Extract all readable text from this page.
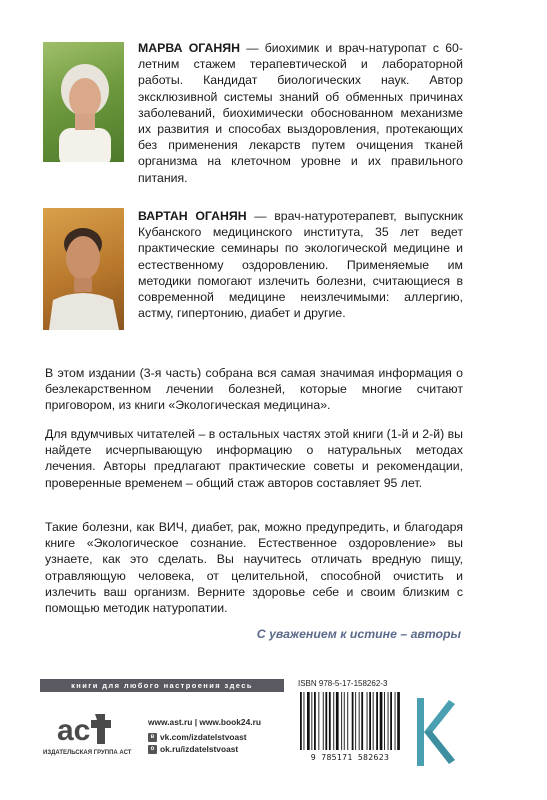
МАРВА ОГАНЯН — биохимик и врач-натуропат с 60-летним стажем терапевтической и лабораторной работы. Кандидат биологических наук. Автор эксклюзивной системы знаний об обменных причинах заболеваний, биохимически обоснованном механизме их развития и способах выздоровления, протекающих без применения лекарств путем очищения тканей организма на клеточном уровне и их правильного питания.

ВАРТАН ОГАНЯН — врач-натуротерапевт, выпускник Кубанского медицинского института, 35 лет ведет практические семинары по экологической медицине и естественному оздоровлению. Применяемые им методики помогают излечить болезни, считающиеся в современной медицине неизлечимыми: аллергию, астму, гипертонию, диабет и другие.

В этом издании (3-я часть) собрана вся самая значимая информация о безлекарственном лечении болезней, которые многие считают приговором, из книги «Экологическая медицина».

Для вдумчивых читателей – в остальных частях этой книги (1-й и 2-й) вы найдете исчерпывающую информацию о натуральных методах лечения. Авторы предлагают практические советы и рекомендации, проверенные временем – общий стаж авторов составляет 95 лет.

Такие болезни, как ВИЧ, диабет, рак, можно предупредить, и благодаря книге «Экологическое сознание. Естественное оздоровление» вы узнаете, как это сделать. Вы научитесь отличать вредную пищу, отравляющую человека, от целительной, способной очистить и излечить ваш организм. Верните здоровье себе и своим близким с помощью методик натуропатии.

С уважением к истине – авторы
книги для любого настроения здесь	ISBN 978-5-17-158262-3
ac
ИЗДАТЕЛЬСКАЯ ГРУППА АСТ
www.ast.ru | www.book24.ru
в vk.com/izdatelstvoast
о ok.ru/izdatelstvoast
9 785171 582623
